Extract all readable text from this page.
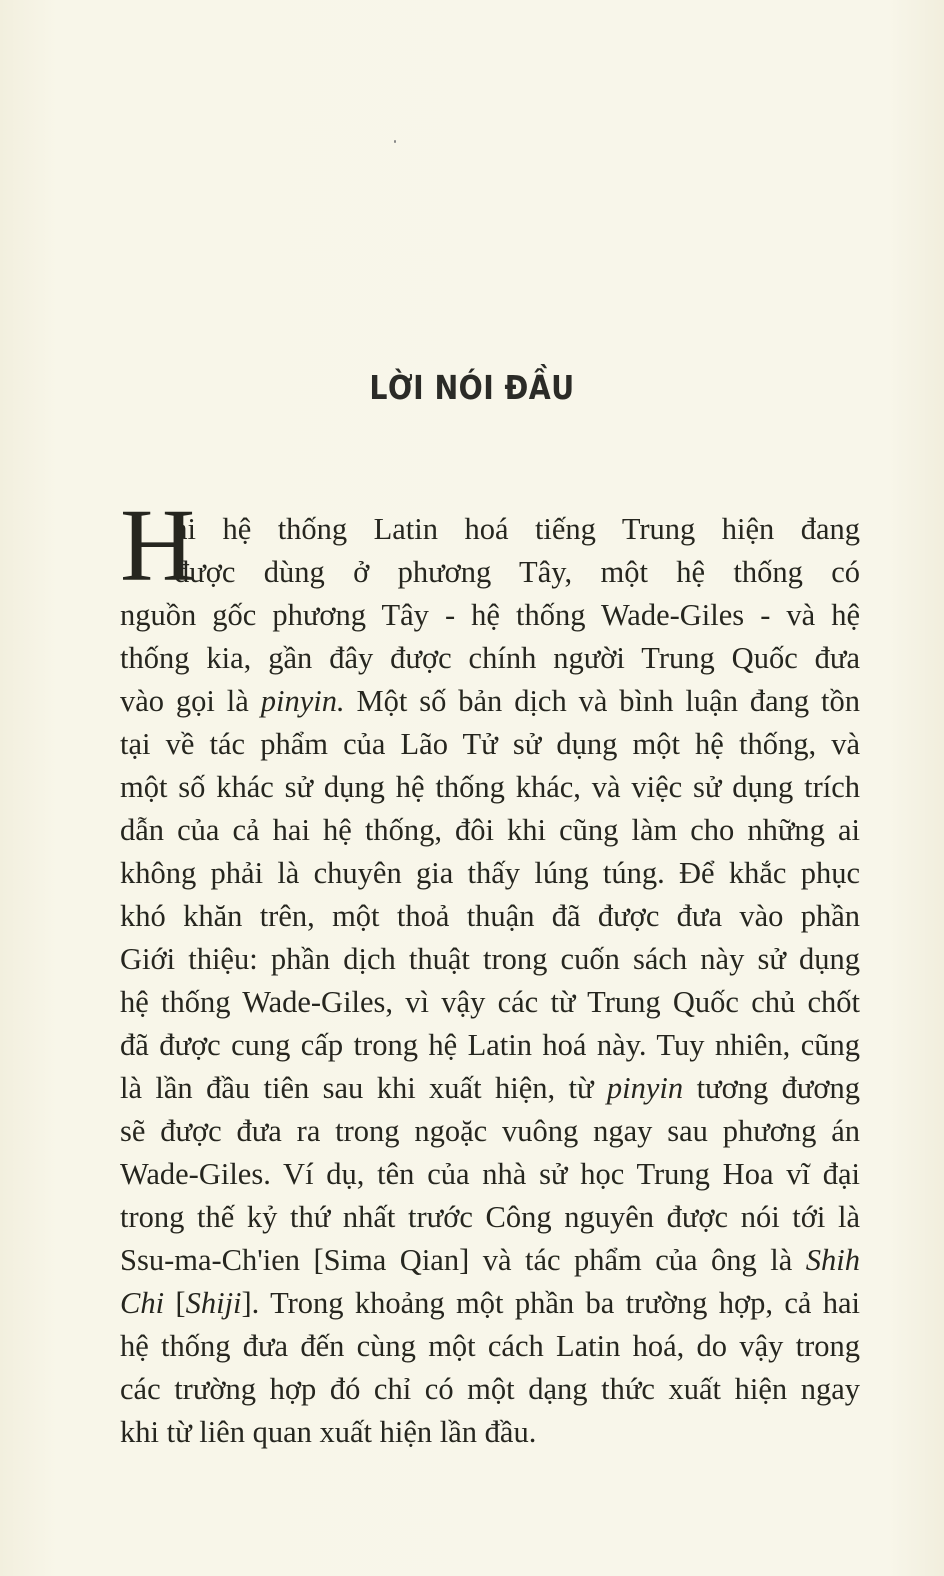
LỜI NÓI ĐẦU
H
ai hệ thống Latin hoá tiếng Trung hiện đang
được dùng ở phương Tây, một hệ thống có
nguồn gốc phương Tây - hệ thống Wade-Giles - và hệ
thống kia, gần đây được chính người Trung Quốc đưa
vào gọi là pinyin. Một số bản dịch và bình luận đang tồn
tại về tác phẩm của Lão Tử sử dụng một hệ thống, và
một số khác sử dụng hệ thống khác, và việc sử dụng trích
dẫn của cả hai hệ thống, đôi khi cũng làm cho những ai
không phải là chuyên gia thấy lúng túng. Để khắc phục
khó khăn trên, một thoả thuận đã được đưa vào phần
Giới thiệu: phần dịch thuật trong cuốn sách này sử dụng
hệ thống Wade-Giles, vì vậy các từ Trung Quốc chủ chốt
đã được cung cấp trong hệ Latin hoá này. Tuy nhiên, cũng
là lần đầu tiên sau khi xuất hiện, từ pinyin tương đương
sẽ được đưa ra trong ngoặc vuông ngay sau phương án
Wade-Giles. Ví dụ, tên của nhà sử học Trung Hoa vĩ đại
trong thế kỷ thứ nhất trước Công nguyên được nói tới là
Ssu-ma-Ch'ien [Sima Qian] và tác phẩm của ông là Shih
Chi [Shiji]. Trong khoảng một phần ba trường hợp, cả hai
hệ thống đưa đến cùng một cách Latin hoá, do vậy trong
các trường hợp đó chỉ có một dạng thức xuất hiện ngay
khi từ liên quan xuất hiện lần đầu.
